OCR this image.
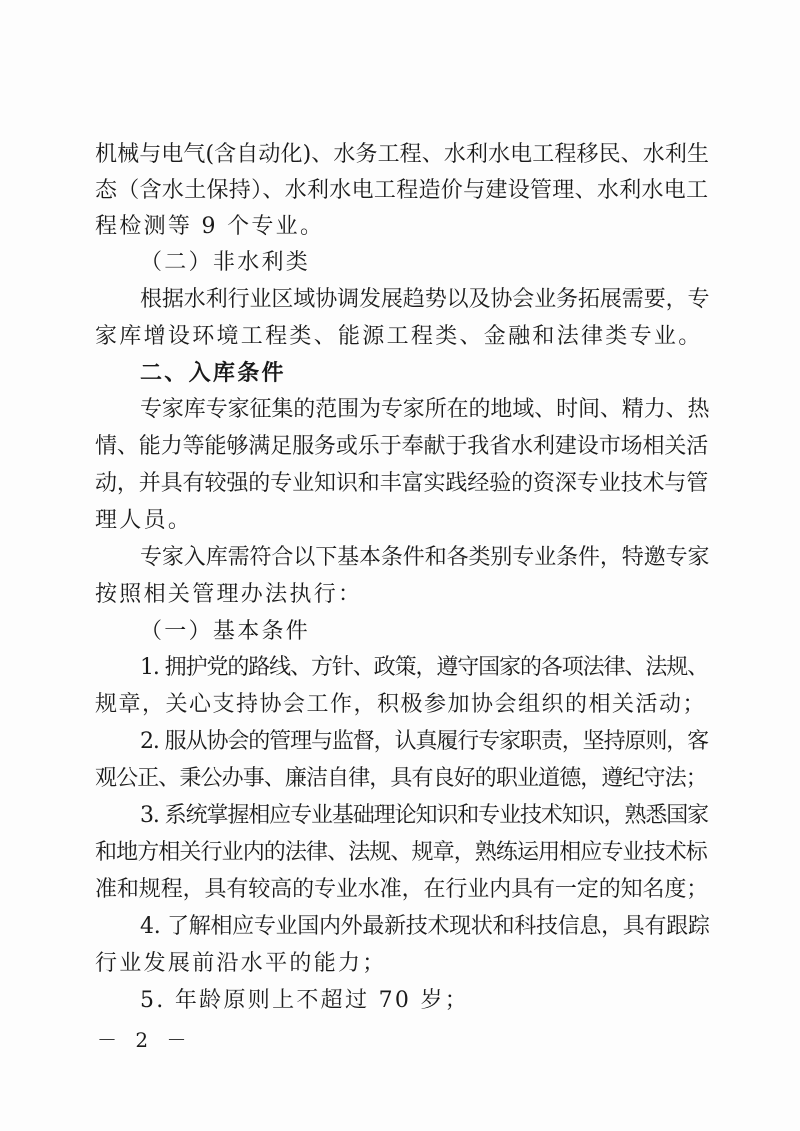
机械与电气(含自动化)、水务工程、水利水电工程移民、水利生
态（含水土保持）、水利水电工程造价与建设管理、水利水电工
程检测等 9 个专业。
（二）非水利类
根据水利行业区域协调发展趋势以及协会业务拓展需要，专
家库增设环境工程类、能源工程类、金融和法律类专业。
二、入库条件
专家库专家征集的范围为专家所在的地域、时间、精力、热
情、能力等能够满足服务或乐于奉献于我省水利建设市场相关活
动，并具有较强的专业知识和丰富实践经验的资深专业技术与管
理人员。
专家入库需符合以下基本条件和各类别专业条件，特邀专家
按照相关管理办法执行：
（一）基本条件
1. 拥护党的路线、方针、政策，遵守国家的各项法律、法规、
规章，关心支持协会工作，积极参加协会组织的相关活动；
2. 服从协会的管理与监督，认真履行专家职责，坚持原则，客
观公正、秉公办事、廉洁自律，具有良好的职业道德，遵纪守法；
3. 系统掌握相应专业基础理论知识和专业技术知识，熟悉国家
和地方相关行业内的法律、法规、规章，熟练运用相应专业技术标
准和规程，具有较高的专业水准，在行业内具有一定的知名度；
4. 了解相应专业国内外最新技术现状和科技信息，具有跟踪
行业发展前沿水平的能力；
5. 年龄原则上不超过 70 岁；
－ 2 －
